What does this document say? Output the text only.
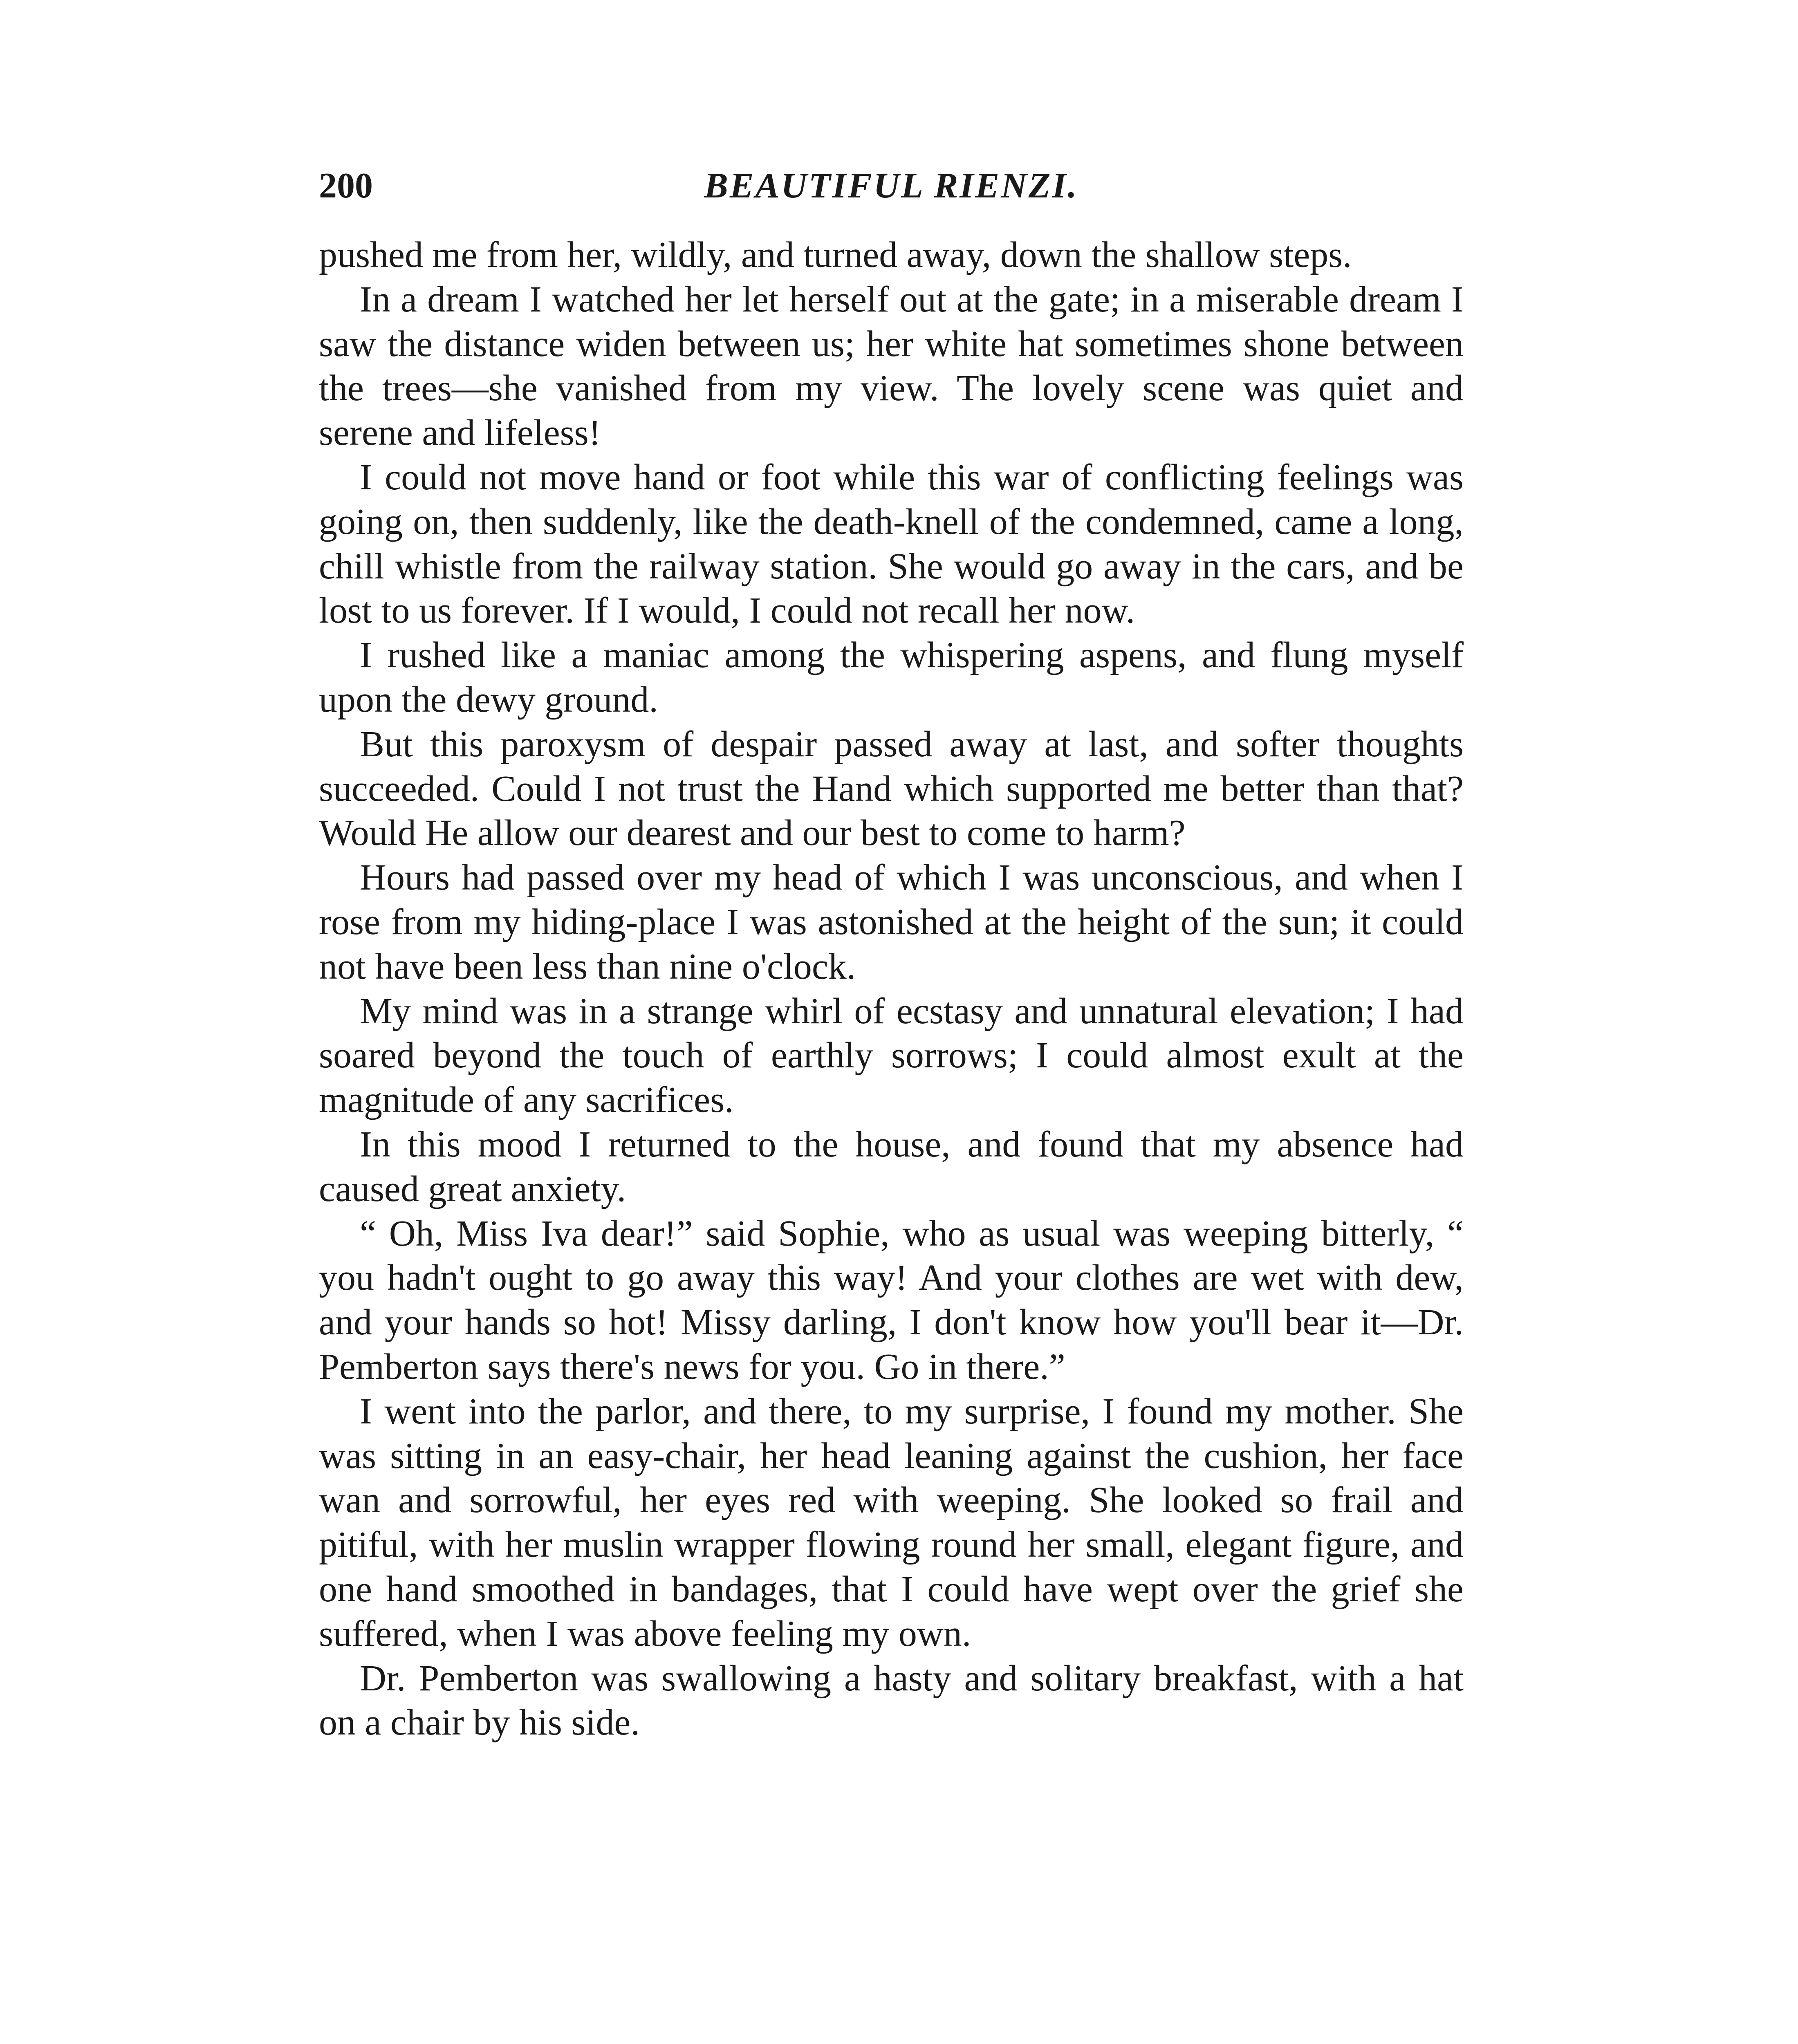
200	BEAUTIFUL RIENZI.

pushed me from her, wildly, and turned away, down the shallow steps.

In a dream I watched her let herself out at the gate; in a miserable dream I saw the distance widen between us; her white hat sometimes shone between the trees—she vanished from my view. The lovely scene was quiet and serene and lifeless!

I could not move hand or foot while this war of conflicting feelings was going on, then suddenly, like the death-knell of the condemned, came a long, chill whistle from the railway station. She would go away in the cars, and be lost to us forever. If I would, I could not recall her now.

I rushed like a maniac among the whispering aspens, and flung myself upon the dewy ground.

But this paroxysm of despair passed away at last, and softer thoughts succeeded. Could I not trust the Hand which supported me better than that? Would He allow our dearest and our best to come to harm?

Hours had passed over my head of which I was unconscious, and when I rose from my hiding-place I was astonished at the height of the sun; it could not have been less than nine o'clock.

My mind was in a strange whirl of ecstasy and unnatural elevation; I had soared beyond the touch of earthly sorrows; I could almost exult at the magnitude of any sacrifices.

In this mood I returned to the house, and found that my absence had caused great anxiety.

“ Oh, Miss Iva dear!” said Sophie, who as usual was weeping bitterly, “ you hadn't ought to go away this way! And your clothes are wet with dew, and your hands so hot! Missy darling, I don't know how you'll bear it—Dr. Pemberton says there's news for you. Go in there.”

I went into the parlor, and there, to my surprise, I found my mother. She was sitting in an easy-chair, her head leaning against the cushion, her face wan and sorrowful, her eyes red with weeping. She looked so frail and pitiful, with her muslin wrapper flowing round her small, elegant figure, and one hand smoothed in bandages, that I could have wept over the grief she suffered, when I was above feeling my own.

Dr. Pemberton was swallowing a hasty and solitary breakfast, with a hat on a chair by his side.
